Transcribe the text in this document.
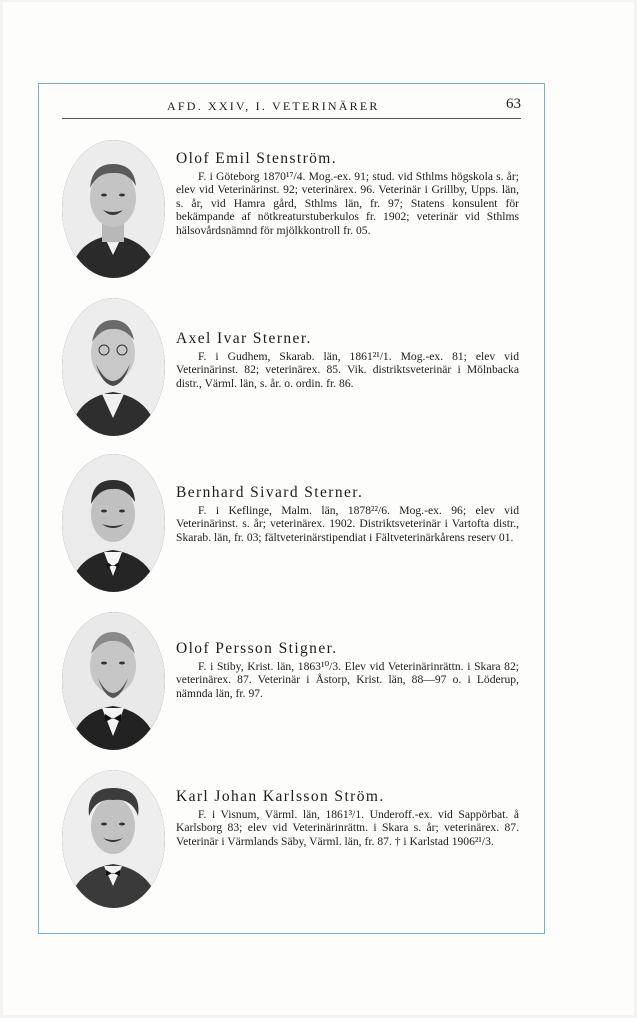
AFD. XXIV, I. VETERINÄRER	63
Olof Emil Stenström.
F. i Göteborg 1870¹⁷/4. Mog.-ex. 91; stud. vid Sthlms högskola s. år; elev vid Veterinärinst. 92; veterinärex. 96. Veterinär i Grillby, Upps. län, s. år, vid Hamra gård, Sthlms län, fr. 97; Statens konsulent för bekämpande af nötkreaturstuberkulos fr. 1902; veterinär vid Sthlms hälsovårdsnämnd för mjölkkontroll fr. 05.
Axel Ivar Sterner.
F. i Gudhem, Skarab. län, 1861²¹/1. Mog.-ex. 81; elev vid Veterinärinst. 82; veterinärex. 85. Vik. distriktsveterinär i Mölnbacka distr., Värml. län, s. år. o. ordin. fr. 86.
Bernhard Sivard Sterner.
F. i Keflinge, Malm. län, 1878²²/6. Mog.-ex. 96; elev vid Veterinärinst. s. år; veterinärex. 1902. Distriktsveterinär i Vartofta distr., Skarab. län, fr. 03; fältveterinärstipendiat i Fältveterinärkårens reserv 01.
Olof Persson Stigner.
F. i Stiby, Krist. län, 1863¹⁰/3. Elev vid Veterinärinrättn. i Skara 82; veterinärex. 87. Veterinär i Åstorp, Krist. län, 88—97 o. i Löderup, nämnda län, fr. 97.
Karl Johan Karlsson Ström.
F. i Visnum, Värml. län, 1861³/1. Underoff.-ex. vid Sappörbat. å Karlsborg 83; elev vid Veterinärinrättn. i Skara s. år; veterinärex. 87. Veterinär i Värmlands Säby, Värml. län, fr. 87. † i Karlstad 1906²¹/3.
